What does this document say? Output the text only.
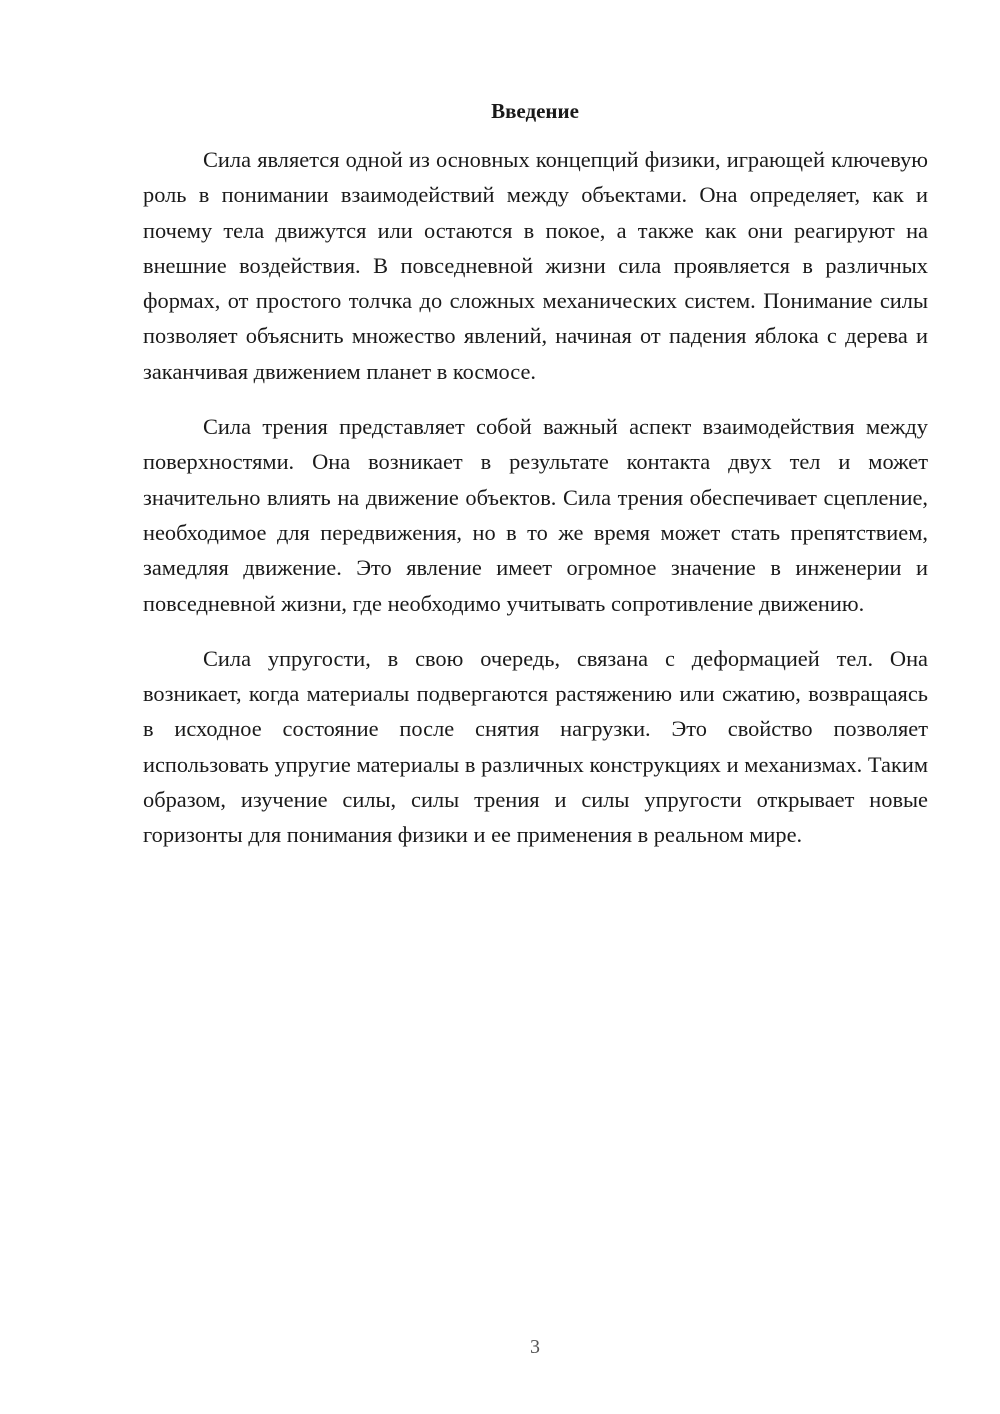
Введение

Сила является одной из основных концепций физики, играющей ключевую роль в понимании взаимодействий между объектами. Она определяет, как и почему тела движутся или остаются в покое, а также как они реагируют на внешние воздействия. В повседневной жизни сила проявляется в различных формах, от простого толчка до сложных механических систем. Понимание силы позволяет объяснить множество явлений, начиная от падения яблока с дерева и заканчивая движением планет в космосе.

Сила трения представляет собой важный аспект взаимодействия между поверхностями. Она возникает в результате контакта двух тел и может значительно влиять на движение объектов. Сила трения обеспечивает сцепление, необходимое для передвижения, но в то же время может стать препятствием, замедляя движение. Это явление имеет огромное значение в инженерии и повседневной жизни, где необходимо учитывать сопротивление движению.

Сила упругости, в свою очередь, связана с деформацией тел. Она возникает, когда материалы подвергаются растяжению или сжатию, возвращаясь в исходное состояние после снятия нагрузки. Это свойство позволяет использовать упругие материалы в различных конструкциях и механизмах. Таким образом, изучение силы, силы трения и силы упругости открывает новые горизонты для понимания физики и ее применения в реальном мире.

3
